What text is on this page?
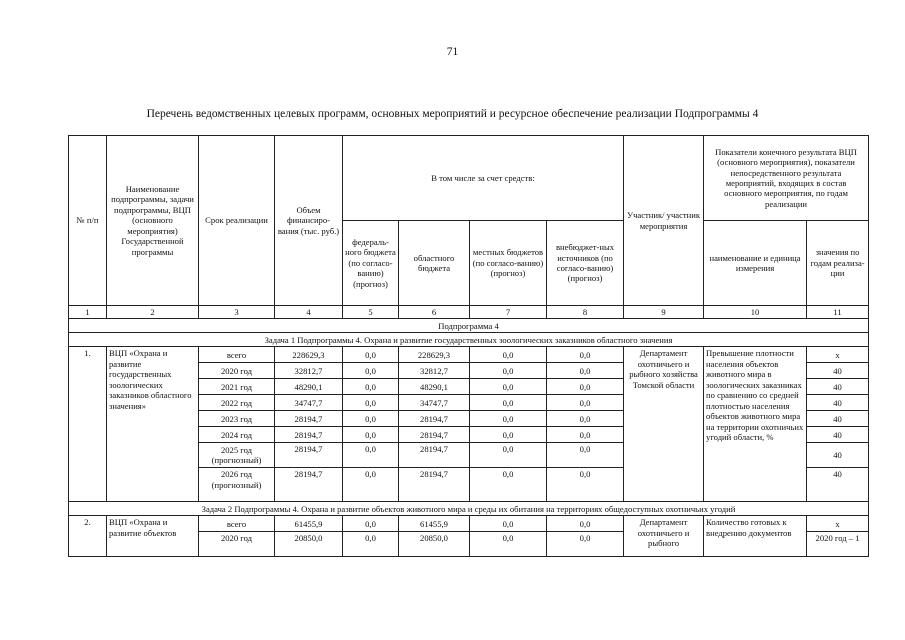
71
Перечень ведомственных целевых программ, основных мероприятий и ресурсное обеспечение реализации Подпрограммы 4
№ п/п	Наименование подпрограммы, задачи подпрограммы, ВЦП (основного мероприятия) Государственной программы	Срок реализации	Объем финансиро-вания (тыс. руб.)	В том числе за счет средств:				Участник/ участник мероприятия	Показатели конечного результата ВЦП (основного мероприятия), показатели непосредственного результата мероприятий, входящих в состав основного мероприятия, по годам реализации	
				федераль-ного бюджета (по согласо-ванию) (прогноз)	областного бюджета	местных бюджетов (по согласо-ванию) (прогноз)	внебюджет-ных источников (по согласо-ванию) (прогноз)		наименование и единица измерения	значения по годам реализа-ции
1	2	3	4	5	6	7	8	9	10	11
Подпрограмма 4										
Задача 1 Подпрограммы 4. Охрана и развитие государственных зоологических заказников областного значения										
1.	ВЦП «Охрана и развитие государственных зоологических заказников областного значения»	всего	228629,3	0,0	228629,3	0,0	0,0	Департамент охотничьего и рыбного хозяйства Томской области	Превышение плотности населения объектов животного мира в зоологических заказниках по сравнению со средней плотностью населения объектов животного мира на территории охотничьих угодий области, %	x
		2020 год	32812,7	0,0	32812,7	0,0	0,0			40
		2021 год	48290,1	0,0	48290,1	0,0	0,0			40
		2022 год	34747,7	0,0	34747,7	0,0	0,0			40
		2023 год	28194,7	0,0	28194,7	0,0	0,0			40
		2024 год	28194,7	0,0	28194,7	0,0	0,0			40
		2025 год (прогнозный)	28194,7	0,0	28194,7	0,0	0,0			40
		2026 год (прогнозный)	28194,7	0,0	28194,7	0,0	0,0			40
Задача 2 Подпрограммы 4. Охрана и развитие объектов животного мира и среды их обитания на территориях общедоступных охотничьих угодий										
2.	ВЦП «Охрана и развитие объектов	всего	61455,9	0,0	61455,9	0,0	0,0	Департамент охотничьего и рыбного	Количество готовых к внедрению документов	x
		2020 год	20850,0	0,0	20850,0	0,0	0,0			2020 год – 1
